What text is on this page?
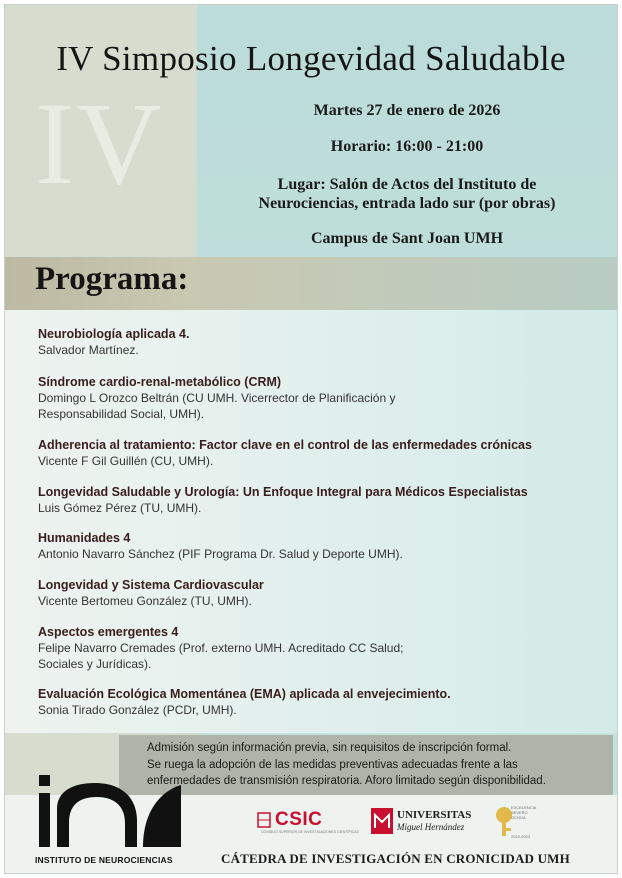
IV
IV Simposio Longevidad Saludable
Martes 27 de enero de 2026
Horario: 16:00 - 21:00
Lugar: Salón de Actos del Instituto de
Neurociencias, entrada lado sur (por obras)
Campus de Sant Joan UMH
Programa:
Neurobiología aplicada 4.
Salvador Martínez.
Síndrome cardio-renal-metabólico (CRM)
Domingo L Orozco Beltrán (CU UMH. Vicerrector de Planificación y
Responsabilidad Social, UMH).
Adherencia al tratamiento: Factor clave en el control de las enfermedades crónicas
Vicente F Gil Guillén (CU, UMH).
Longevidad Saludable y Urología: Un Enfoque Integral para Médicos Especialistas
Luis Gómez Pérez (TU, UMH).
Humanidades 4
Antonio Navarro Sánchez (PIF Programa Dr. Salud y Deporte UMH).
Longevidad y Sistema Cardiovascular
Vicente Bertomeu González (TU, UMH).
Aspectos emergentes 4
Felipe Navarro Cremades (Prof. externo UMH. Acreditado CC Salud;
Sociales y Jurídicas).
Evaluación Ecológica Momentánea (EMA) aplicada al envejecimiento.
Sonia Tirado González (PCDr, UMH).
Admisión según información previa, sin requisitos de inscripción formal.
Se ruega la adopción de las medidas preventivas adecuadas frente a las
enfermedades de transmisión respiratoria. Aforo limitado según disponibilidad.
INSTITUTO DE NEUROCIENCIAS
CSIC
CONSEJO SUPERIOR DE INVESTIGACIONES CIENTÍFICAS
UNIVERSITAS
Miguel Hernández
EXCELENCIA
SEVERO
OCHOA
2019-2023
CÁTEDRA DE INVESTIGACIÓN EN CRONICIDAD UMH
